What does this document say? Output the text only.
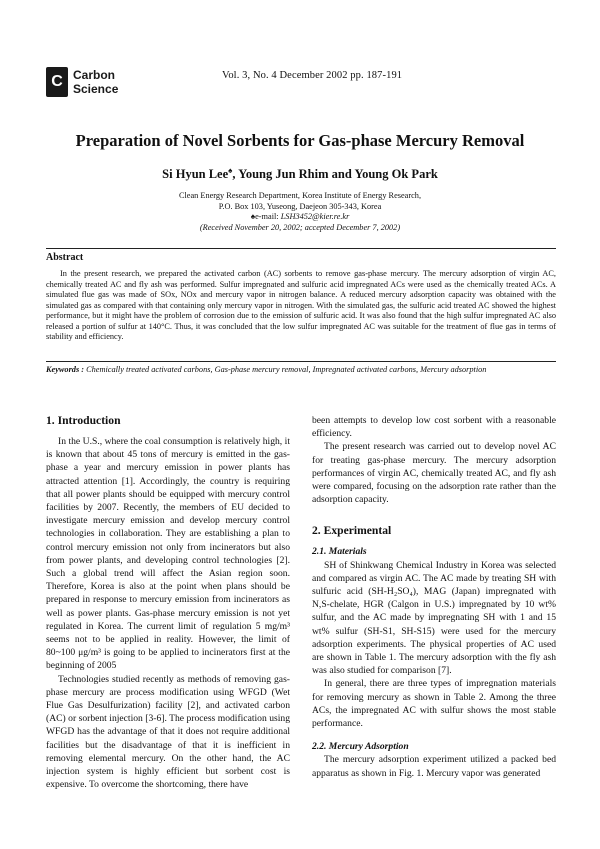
C Carbon
Science
Vol. 3, No. 4 December 2002 pp. 187-191
Preparation of Novel Sorbents for Gas-phase Mercury Removal
Si Hyun Lee♠, Young Jun Rhim and Young Ok Park
Clean Energy Research Department, Korea Institute of Energy Research,
P.O. Box 103, Yuseong, Daejeon 305-343, Korea
♠e-mail: LSH3452@kier.re.kr
(Received November 20, 2002; accepted December 7, 2002)
Abstract
In the present research, we prepared the activated carbon (AC) sorbents to remove gas-phase mercury. The mercury adsorption of virgin AC, chemically treated AC and fly ash was performed. Sulfur impregnated and sulfuric acid impregnated ACs were used as the chemically treated ACs. A simulated flue gas was made of SOx, NOx and mercury vapor in nitrogen balance. A reduced mercury adsorption capacity was obtained with the simulated gas as compared with that containing only mercury vapor in nitrogen. With the simulated gas, the sulfuric acid treated AC showed the highest performance, but it might have the problem of corrosion due to the emission of sulfuric acid. It was also found that the high sulfur impregnated AC also released a portion of sulfur at 140°C. Thus, it was concluded that the low sulfur impregnated AC was suitable for the treatment of flue gas in terms of stability and efficiency.
Keywords : Chemically treated activated carbons, Gas-phase mercury removal, Impregnated activated carbons, Mercury adsorption
1. Introduction

In the U.S., where the coal consumption is relatively high, it is known that about 45 tons of mercury is emitted in the gas-phase a year and mercury emission in power plants has attracted attention [1]. Accordingly, the country is requiring that all power plants should be equipped with mercury control facilities by 2007. Recently, the members of EU decided to investigate mercury emission and develop mercury control technologies in collaboration. They are establishing a plan to control mercury emission not only from incinerators but also from power plants, and developing control technologies [2]. Such a global trend will affect the Asian region soon. Therefore, Korea is also at the point when plans should be prepared in response to mercury emission from incinerators as well as power plants. Gas-phase mercury emission is not yet regulated in Korea. The current limit of regulation 5 mg/m³ seems not to be applied in reality. However, the limit of 80~100 μg/m³ is going to be applied to incinerators first at the beginning of 2005

Technologies studied recently as methods of removing gas-phase mercury are process modification using WFGD (Wet Flue Gas Desulfurization) facility [2], and activated carbon (AC) or sorbent injection [3-6]. The process modification using WFGD has the advantage of that it does not require additional facilities but the disadvantage of that it is inefficient in removing elemental mercury. On the other hand, the AC injection system is highly efficient but sorbent cost is expensive. To overcome the shortcoming, there have

been attempts to develop low cost sorbent with a reasonable efficiency.

The present research was carried out to develop novel AC for treating gas-phase mercury. The mercury adsorption performances of virgin AC, chemically treated AC, and fly ash were compared, focusing on the adsorption rate rather than the adsorption capacity.

2. Experimental
2.1. Materials

SH of Shinkwang Chemical Industry in Korea was selected and compared as virgin AC. The AC made by treating SH with sulfuric acid (SH-H₂SO₄), MAG (Japan) impregnated with N,S-chelate, HGR (Calgon in U.S.) impregnated by 10 wt% sulfur, and the AC made by impregnating SH with 1 and 15 wt% sulfur (SH-S1, SH-S15) were used for the mercury adsorption experiments. The physical properties of AC used are shown in Table 1. The mercury adsorption with the fly ash was also studied for comparison [7].

In general, there are three types of impregnation materials for removing mercury as shown in Table 2. Among the three ACs, the impregnated AC with sulfur shows the most stable performance.

2.2. Mercury Adsorption

The mercury adsorption experiment utilized a packed bed apparatus as shown in Fig. 1. Mercury vapor was generated
